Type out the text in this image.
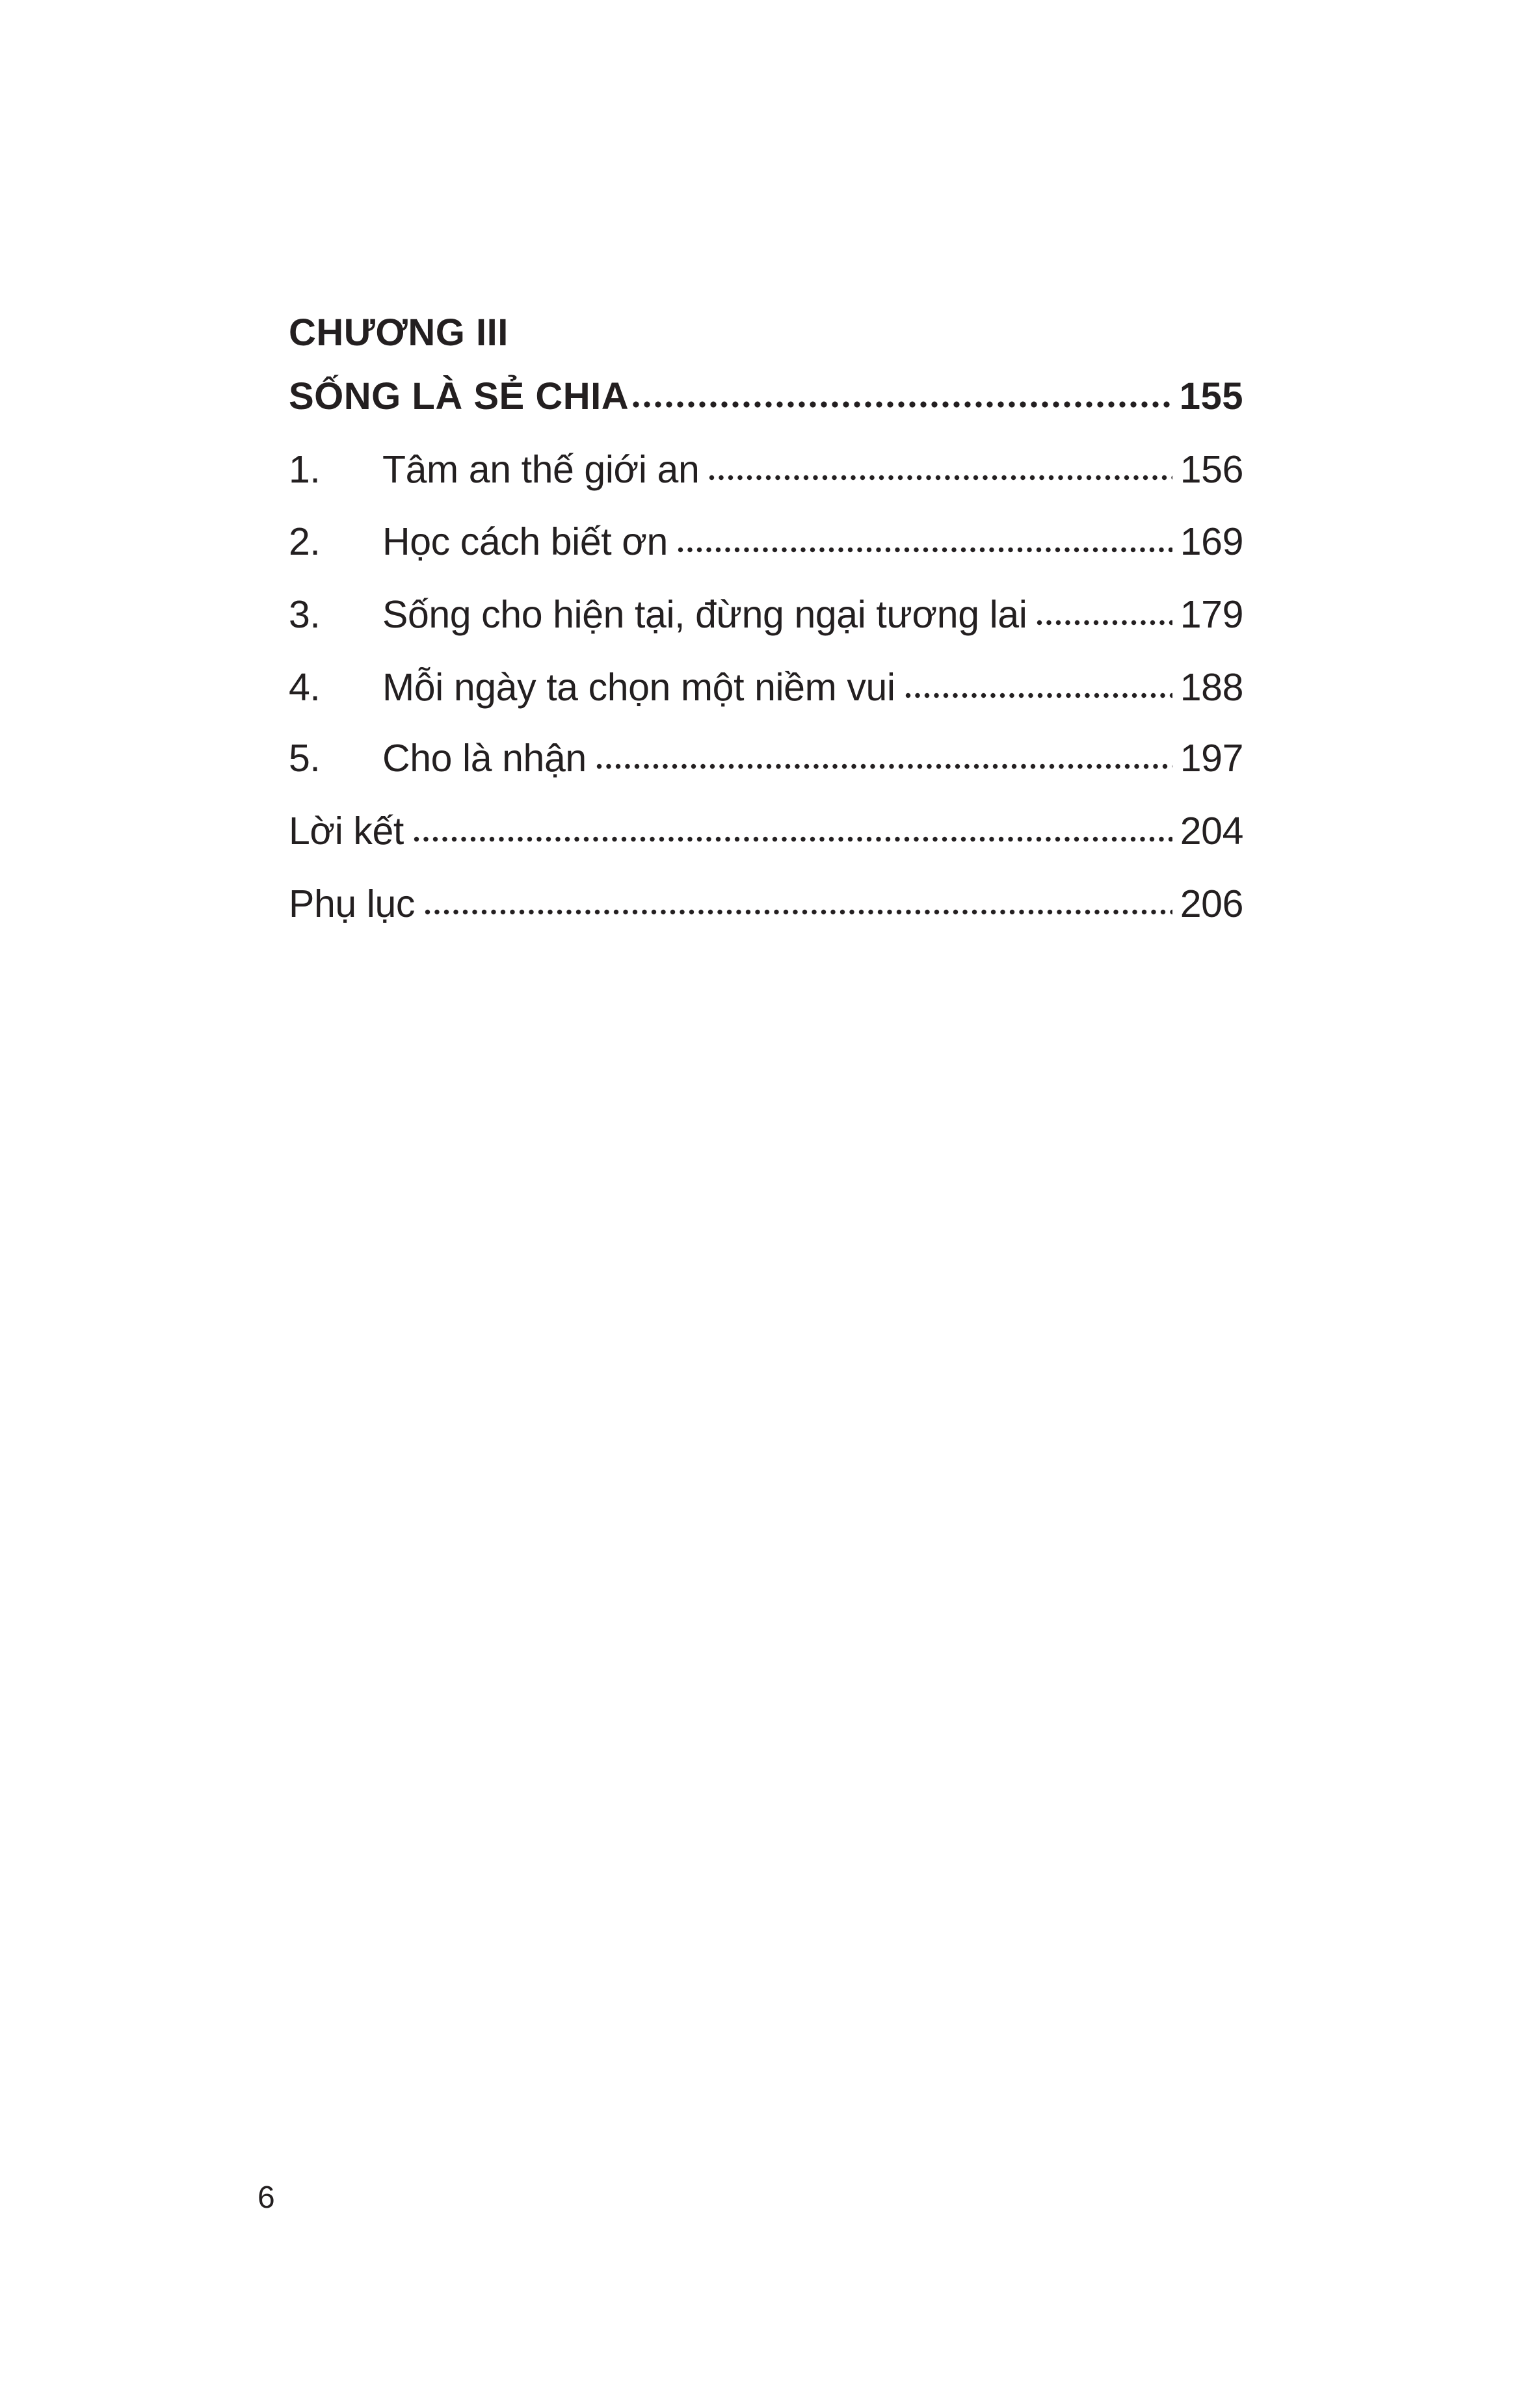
CHƯƠNG III
SỐNG LÀ SẺ CHIA	155
1.	Tâm an thế giới an	156
2.	Học cách biết ơn	169
3.	Sống cho hiện tại, đừng ngại tương lai	179
4.	Mỗi ngày ta chọn một niềm vui	188
5.	Cho là nhận	197
Lời kết	204
Phụ lục	206
6
